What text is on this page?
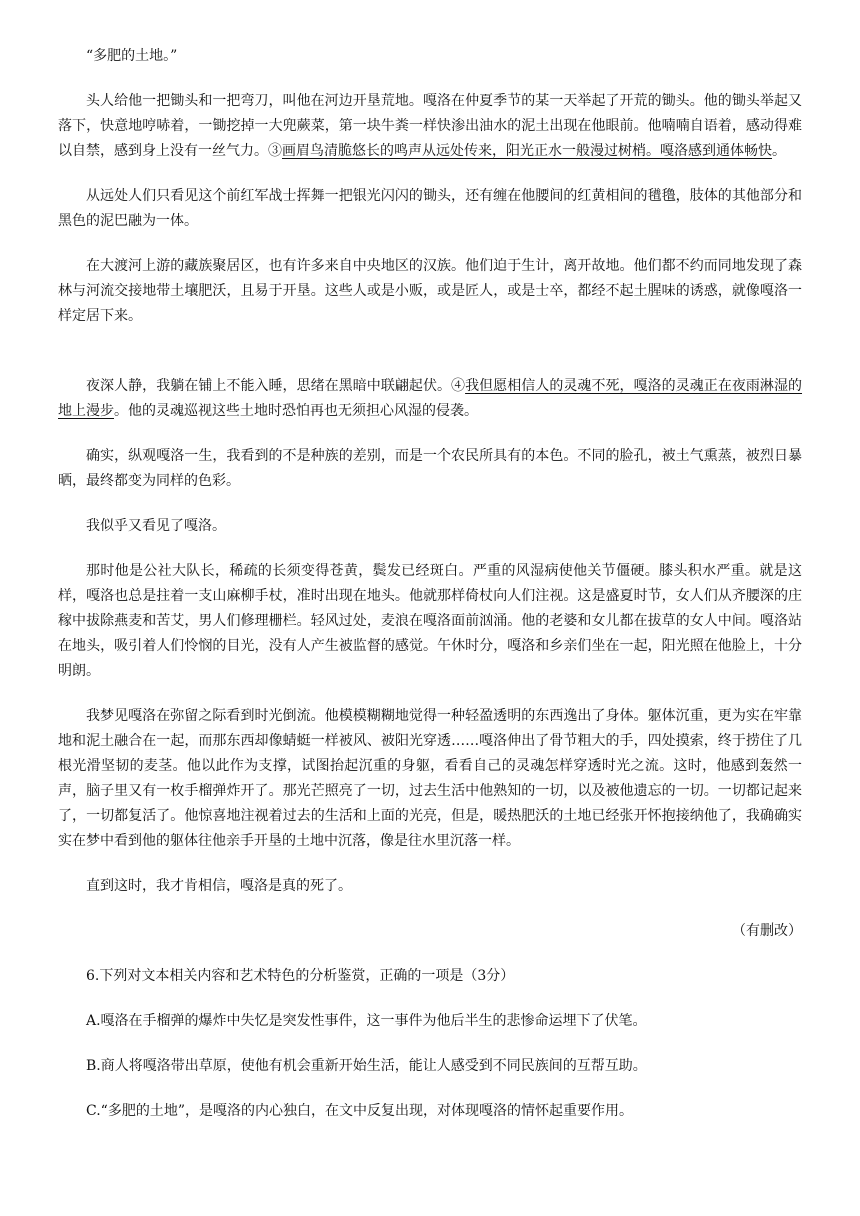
“多肥的土地。”

头人给他一把锄头和一把弯刀，叫他在河边开垦荒地。嘎洛在仲夏季节的某一天举起了开荒的锄头。他的锄头举起又落下，快意地哼哧着，一锄挖掉一大兜蕨菜，第一块牛粪一样快渗出油水的泥土出现在他眼前。他喃喃自语着，感动得难以自禁，感到身上没有一丝气力。③画眉鸟清脆悠长的鸣声从远处传来，阳光正水一般漫过树梢。嘎洛感到通体畅快。

从远处人们只看见这个前红军战士挥舞一把银光闪闪的锄头，还有缠在他腰间的红黄相间的氆氇，肢体的其他部分和黑色的泥巴融为一体。

在大渡河上游的藏族聚居区，也有许多来自中央地区的汉族。他们迫于生计，离开故地。他们都不约而同地发现了森林与河流交接地带土壤肥沃，且易于开垦。这些人或是小贩，或是匠人，或是士卒，都经不起土腥味的诱惑，就像嘎洛一样定居下来。

夜深人静，我躺在铺上不能入睡，思绪在黑暗中联翩起伏。④我但愿相信人的灵魂不死，嘎洛的灵魂正在夜雨淋湿的地上漫步。他的灵魂巡视这些土地时恐怕再也无须担心风湿的侵袭。

确实，纵观嘎洛一生，我看到的不是种族的差别，而是一个农民所具有的本色。不同的脸孔，被土气熏蒸，被烈日暴晒，最终都变为同样的色彩。

我似乎又看见了嘎洛。

那时他是公社大队长，稀疏的长须变得苍黄，鬓发已经斑白。严重的风湿病使他关节僵硬。膝头积水严重。就是这样，嘎洛也总是拄着一支山麻柳手杖，准时出现在地头。他就那样倚杖向人们注视。这是盛夏时节，女人们从齐腰深的庄稼中拔除燕麦和苦艾，男人们修理栅栏。轻风过处，麦浪在嘎洛面前汹涌。他的老婆和女儿都在拔草的女人中间。嘎洛站在地头，吸引着人们怜悯的目光，没有人产生被监督的感觉。午休时分，嘎洛和乡亲们坐在一起，阳光照在他脸上，十分明朗。

我梦见嘎洛在弥留之际看到时光倒流。他模模糊糊地觉得一种轻盈透明的东西逸出了身体。躯体沉重，更为实在牢靠地和泥土融合在一起，而那东西却像蜻蜓一样被风、被阳光穿透……嘎洛伸出了骨节粗大的手，四处摸索，终于捞住了几根光滑坚韧的麦茎。他以此作为支撑，试图抬起沉重的身躯，看看自己的灵魂怎样穿透时光之流。这时，他感到轰然一声，脑子里又有一枚手榴弹炸开了。那光芒照亮了一切，过去生活中他熟知的一切，以及被他遗忘的一切。一切都记起来了，一切都复活了。他惊喜地注视着过去的生活和上面的光亮，但是，暖热肥沃的土地已经张开怀抱接纳他了，我确确实实在梦中看到他的躯体往他亲手开垦的土地中沉落，像是往水里沉落一样。

直到这时，我才肯相信，嘎洛是真的死了。

（有删改）

6.下列对文本相关内容和艺术特色的分析鉴赏，正确的一项是（3分）

A.嘎洛在手榴弹的爆炸中失忆是突发性事件，这一事件为他后半生的悲惨命运埋下了伏笔。

B.商人将嘎洛带出草原，使他有机会重新开始生活，能让人感受到不同民族间的互帮互助。

C.“多肥的土地”，是嘎洛的内心独白，在文中反复出现，对体现嘎洛的情怀起重要作用。
